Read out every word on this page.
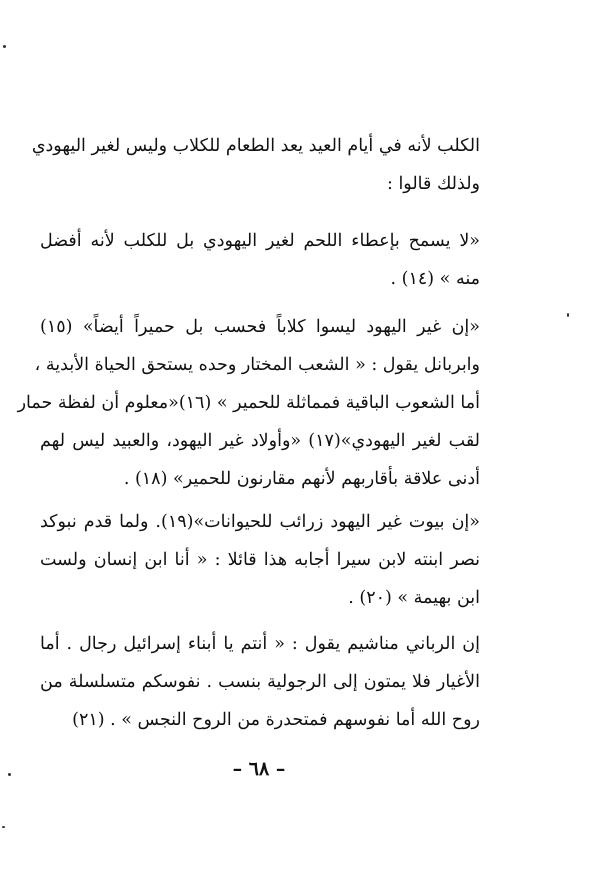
الكلب لأنه في أيام العيد يعد الطعام للكلاب وليس لغير اليهودي
ولذلك قالوا :
«لا يسمح بإعطاء اللحم لغير اليهودي بل للكلب لأنه أفضل
منه » (١٤) .
«إن غير اليهود ليسوا كلاباً فحسب بل حميراً أيضاً» (١٥)
وابربانل يقول : « الشعب المختار وحده يستحق الحياة الأبدية ،
أما الشعوب الباقية فمماثلة للحمير » (١٦)«معلوم أن لفظة حمار
لقب لغير اليهودي»(١٧) «وأولاد غير اليهود، والعبيد ليس لهم
أدنى علاقة بأقاربهم لأنهم مقارنون للحمير» (١٨) .
«إن بيوت غير اليهود زرائب للحيوانات»(١٩). ولما قدم نبوكد
نصر ابنته لابن سيرا أجابه هذا قائلا : « أنا ابن إنسان ولست
ابن بهيمة » (٢٠) .
إن الرباني مناشيم يقول : « أنتم يا أبناء إسرائيل رجال . أما
الأغيار فلا يمتون إلى الرجولية بنسب . نفوسكم متسلسلة من
روح الله أما نفوسهم فمتحدرة من الروح النجس » . (٢١)
– ٦٨ –
